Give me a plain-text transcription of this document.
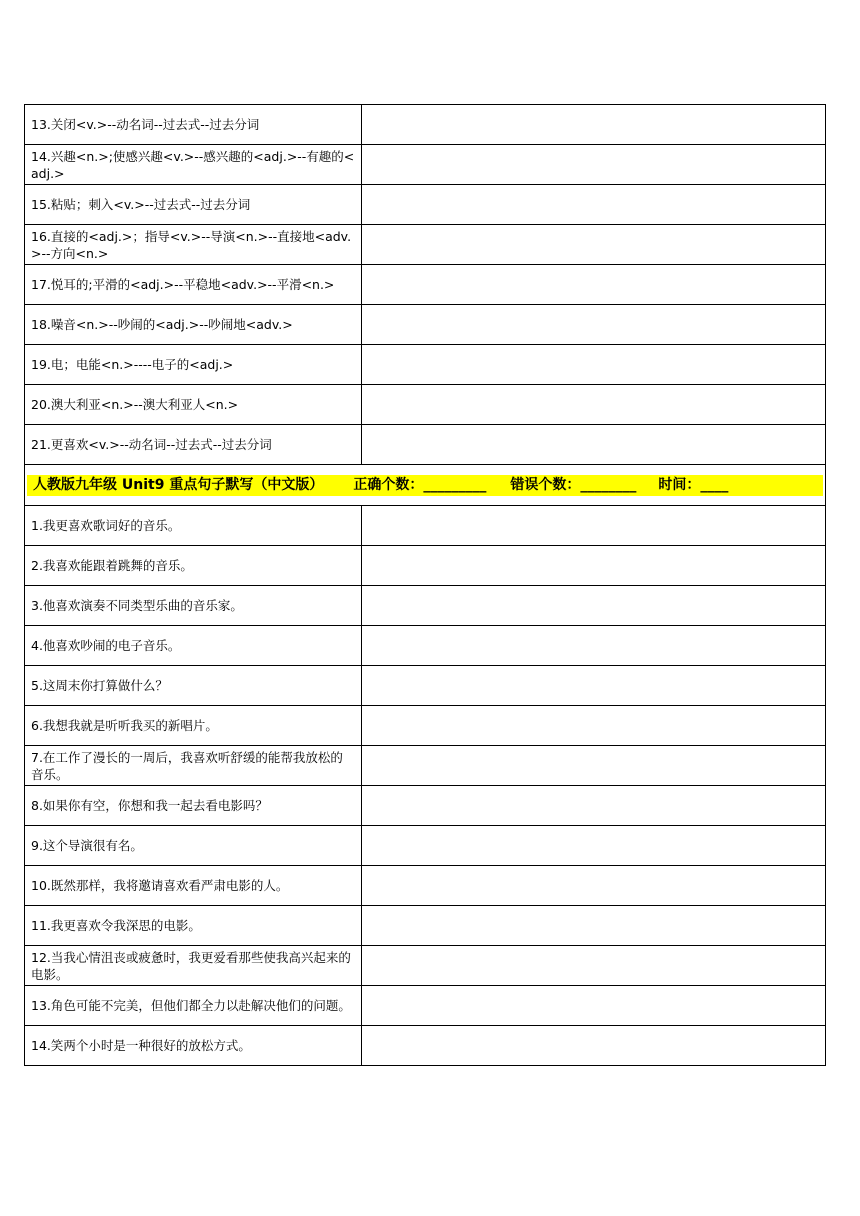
13.关闭<v.>--动名词--过去式--过去分词	
14.兴趣<n.>;使感兴趣<v.>--感兴趣的<adj.>--有趣的<adj.>	
15.粘贴；刺入<v.>--过去式--过去分词	
16.直接的<adj.>；指导<v.>--导演<n.>--直接地<adv.>--方向<n.>	
17.悦耳的;平滑的<adj.>--平稳地<adv.>--平滑<n.>	
18.噪音<n.>--吵闹的<adj.>--吵闹地<adv.>	
19.电；电能<n.>----电子的<adj.>	
20.澳大利亚<n.>--澳大利亚人<n.>	
21.更喜欢<v.>--动名词--过去式--过去分词	

人教版九年级 Unit9 重点句子默写（中文版） 正确个数：_________ 错误个数：________ 时间：____	

1.我更喜欢歌词好的音乐。	
2.我喜欢能跟着跳舞的音乐。	
3.他喜欢演奏不同类型乐曲的音乐家。	
4.他喜欢吵闹的电子音乐。	
5.这周末你打算做什么？	
6.我想我就是听听我买的新唱片。	
7.在工作了漫长的一周后，我喜欢听舒缓的能帮我放松的音乐。	
8.如果你有空，你想和我一起去看电影吗？	
9.这个导演很有名。	
10.既然那样，我将邀请喜欢看严肃电影的人。	
11.我更喜欢令我深思的电影。	
12.当我心情沮丧或疲惫时，我更爱看那些使我高兴起来的电影。	
13.角色可能不完美，但他们都全力以赴解决他们的问题。	
14.笑两个小时是一种很好的放松方式。	
